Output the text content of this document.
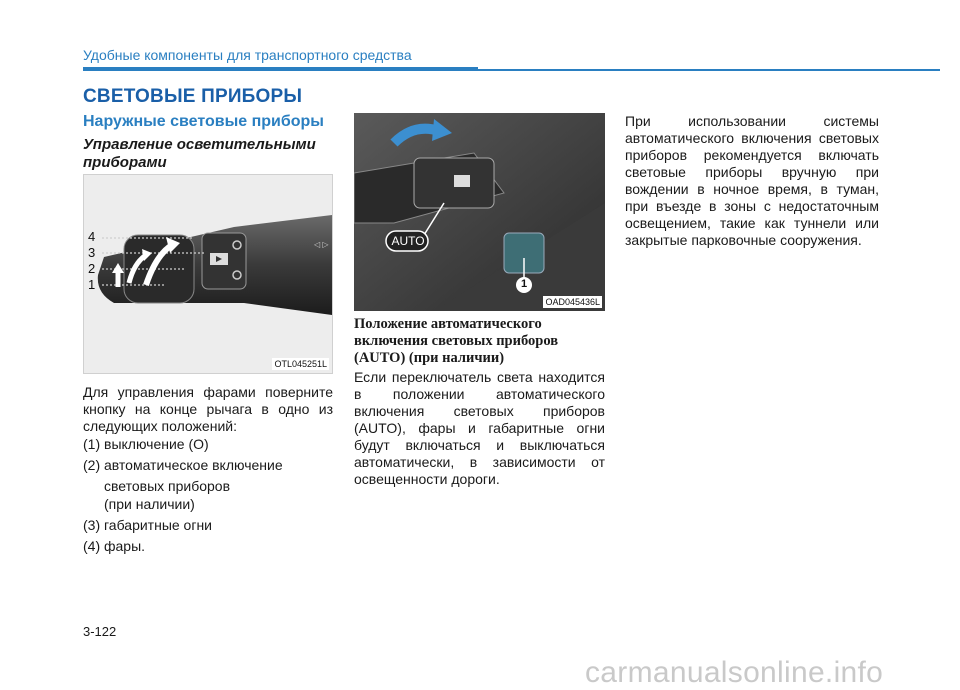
Удобные компоненты для транспортного средства
СВЕТОВЫЕ ПРИБОРЫ
Наружные световые приборы
Управление осветительными приборами
◁ ▷
4
3
2
1
OTL045251L
Для управления фарами поверните кнопку на конце рычага в одно из следующих положений:
(1) выключение (O)
(2) автоматическое включение
световых приборов
(при наличии)
(3) габаритные огни
(4) фары.
AUTO
1
OAD045436L
Положение автоматического включения световых приборов (AUTO) (при наличии)
Если переключатель света находится в положении автоматического включения световых приборов (AUTO), фары и габаритные огни будут включаться и выключаться автоматически, в зависимости от освещенности дороги.
При использовании системы автоматического включения световых приборов рекомендуется включать световые приборы вручную при вождении в ночное время, в туман, при въезде в зоны с недостаточным освещением, такие как туннели или закрытые парковочные сооружения.
3-122
carmanualsonline.info
